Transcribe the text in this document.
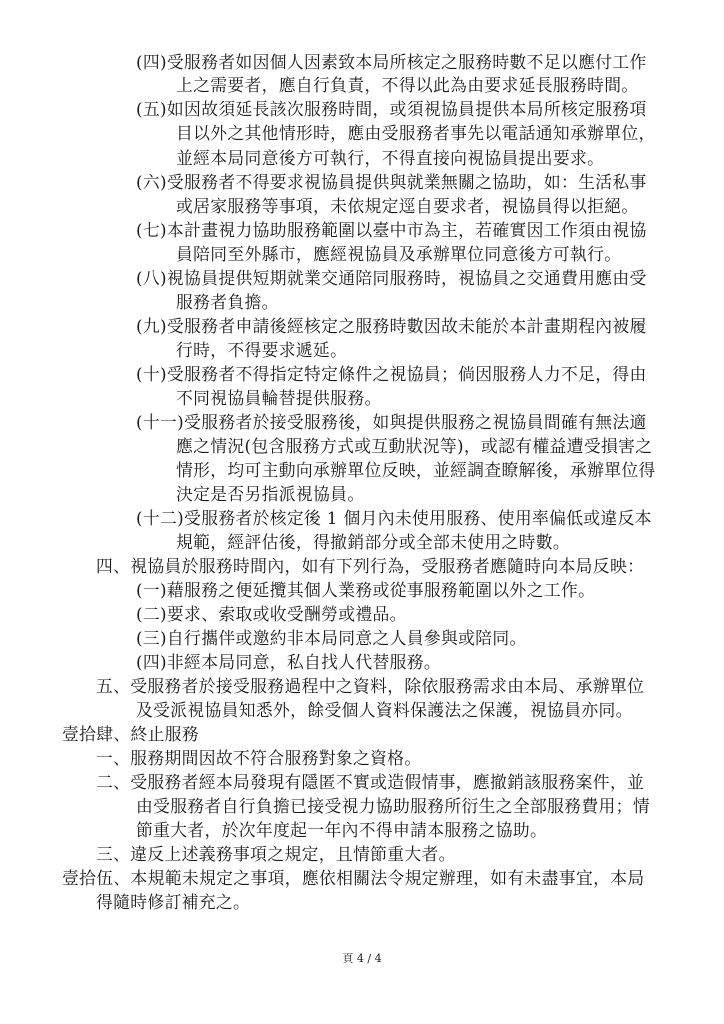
(四)受服務者如因個人因素致本局所核定之服務時數不足以應付工作
上之需要者，應自行負責，不得以此為由要求延長服務時間。
(五)如因故須延長該次服務時間，或須視協員提供本局所核定服務項
目以外之其他情形時，應由受服務者事先以電話通知承辦單位，
並經本局同意後方可執行，不得直接向視協員提出要求。
(六)受服務者不得要求視協員提供與就業無關之協助，如：生活私事
或居家服務等事項，未依規定逕自要求者，視協員得以拒絕。
(七)本計畫視力協助服務範圍以臺中市為主，若確實因工作須由視協
員陪同至外縣市，應經視協員及承辦單位同意後方可執行。
(八)視協員提供短期就業交通陪同服務時，視協員之交通費用應由受
服務者負擔。
(九)受服務者申請後經核定之服務時數因故未能於本計畫期程內被履
行時，不得要求遞延。
(十)受服務者不得指定特定條件之視協員；倘因服務人力不足，得由
不同視協員輪替提供服務。
(十一)受服務者於接受服務後，如與提供服務之視協員間確有無法適
應之情況(包含服務方式或互動狀況等)，或認有權益遭受損害之
情形，均可主動向承辦單位反映，並經調查瞭解後，承辦單位得
決定是否另指派視協員。
(十二)受服務者於核定後 1 個月內未使用服務、使用率偏低或違反本
規範，經評估後，得撤銷部分或全部未使用之時數。
四、視協員於服務時間內，如有下列行為，受服務者應隨時向本局反映：
(一)藉服務之便延攬其個人業務或從事服務範圍以外之工作。
(二)要求、索取或收受酬勞或禮品。
(三)自行攜伴或邀約非本局同意之人員參與或陪同。
(四)非經本局同意，私自找人代替服務。
五、受服務者於接受服務過程中之資料，除依服務需求由本局、承辦單位
及受派視協員知悉外，餘受個人資料保護法之保護，視協員亦同。
壹拾肆、終止服務
一、服務期間因故不符合服務對象之資格。
二、受服務者經本局發現有隱匿不實或造假情事，應撤銷該服務案件，並
由受服務者自行負擔已接受視力協助服務所衍生之全部服務費用；情
節重大者，於次年度起一年內不得申請本服務之協助。
三、違反上述義務事項之規定，且情節重大者。
壹拾伍、本規範未規定之事項，應依相關法令規定辦理，如有未盡事宜，本局
得隨時修訂補充之。
頁 4 / 4
